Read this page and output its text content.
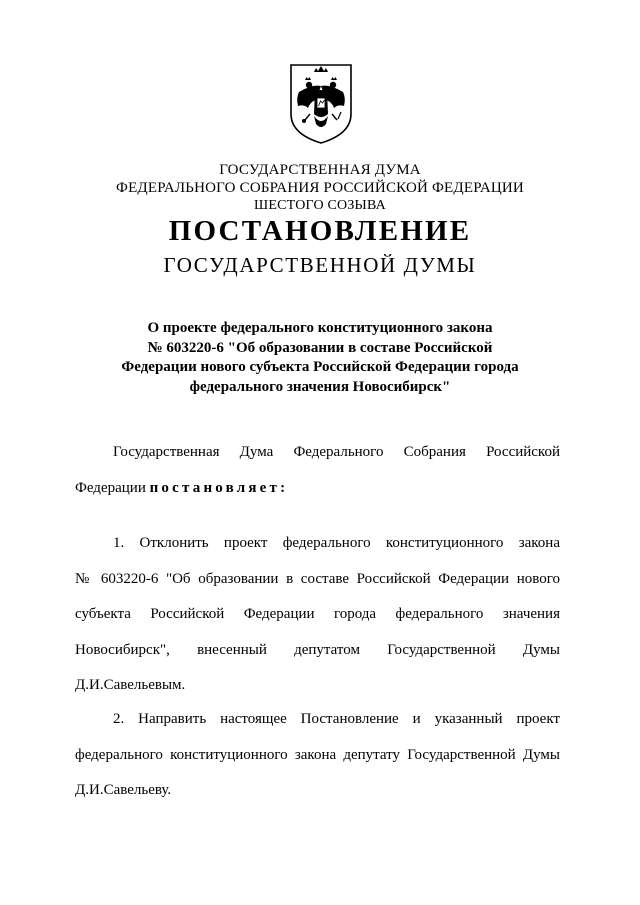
ГОСУДАРСТВЕННАЯ ДУМА
ФЕДЕРАЛЬНОГО СОБРАНИЯ РОССИЙСКОЙ ФЕДЕРАЦИИ
ШЕСТОГО СОЗЫВА
ПОСТАНОВЛЕНИЕ
ГОСУДАРСТВЕННОЙ ДУМЫ
О проекте федерального конституционного закона
№ 603220-6 "Об образовании в составе Российской
Федерации нового субъекта Российской Федерации города
федерального значения Новосибирск"
Государственная Дума Федерального Собрания Российской
Федерации постановляет:
1. Отклонить проект федерального конституционного закона
№ 603220-6 "Об образовании в составе Российской Федерации нового
субъекта Российской Федерации города федерального значения
Новосибирск", внесенный депутатом Государственной Думы
Д.И.Савельевым.
2. Направить настоящее Постановление и указанный проект
федерального конституционного закона депутату Государственной Думы
Д.И.Савельеву.
